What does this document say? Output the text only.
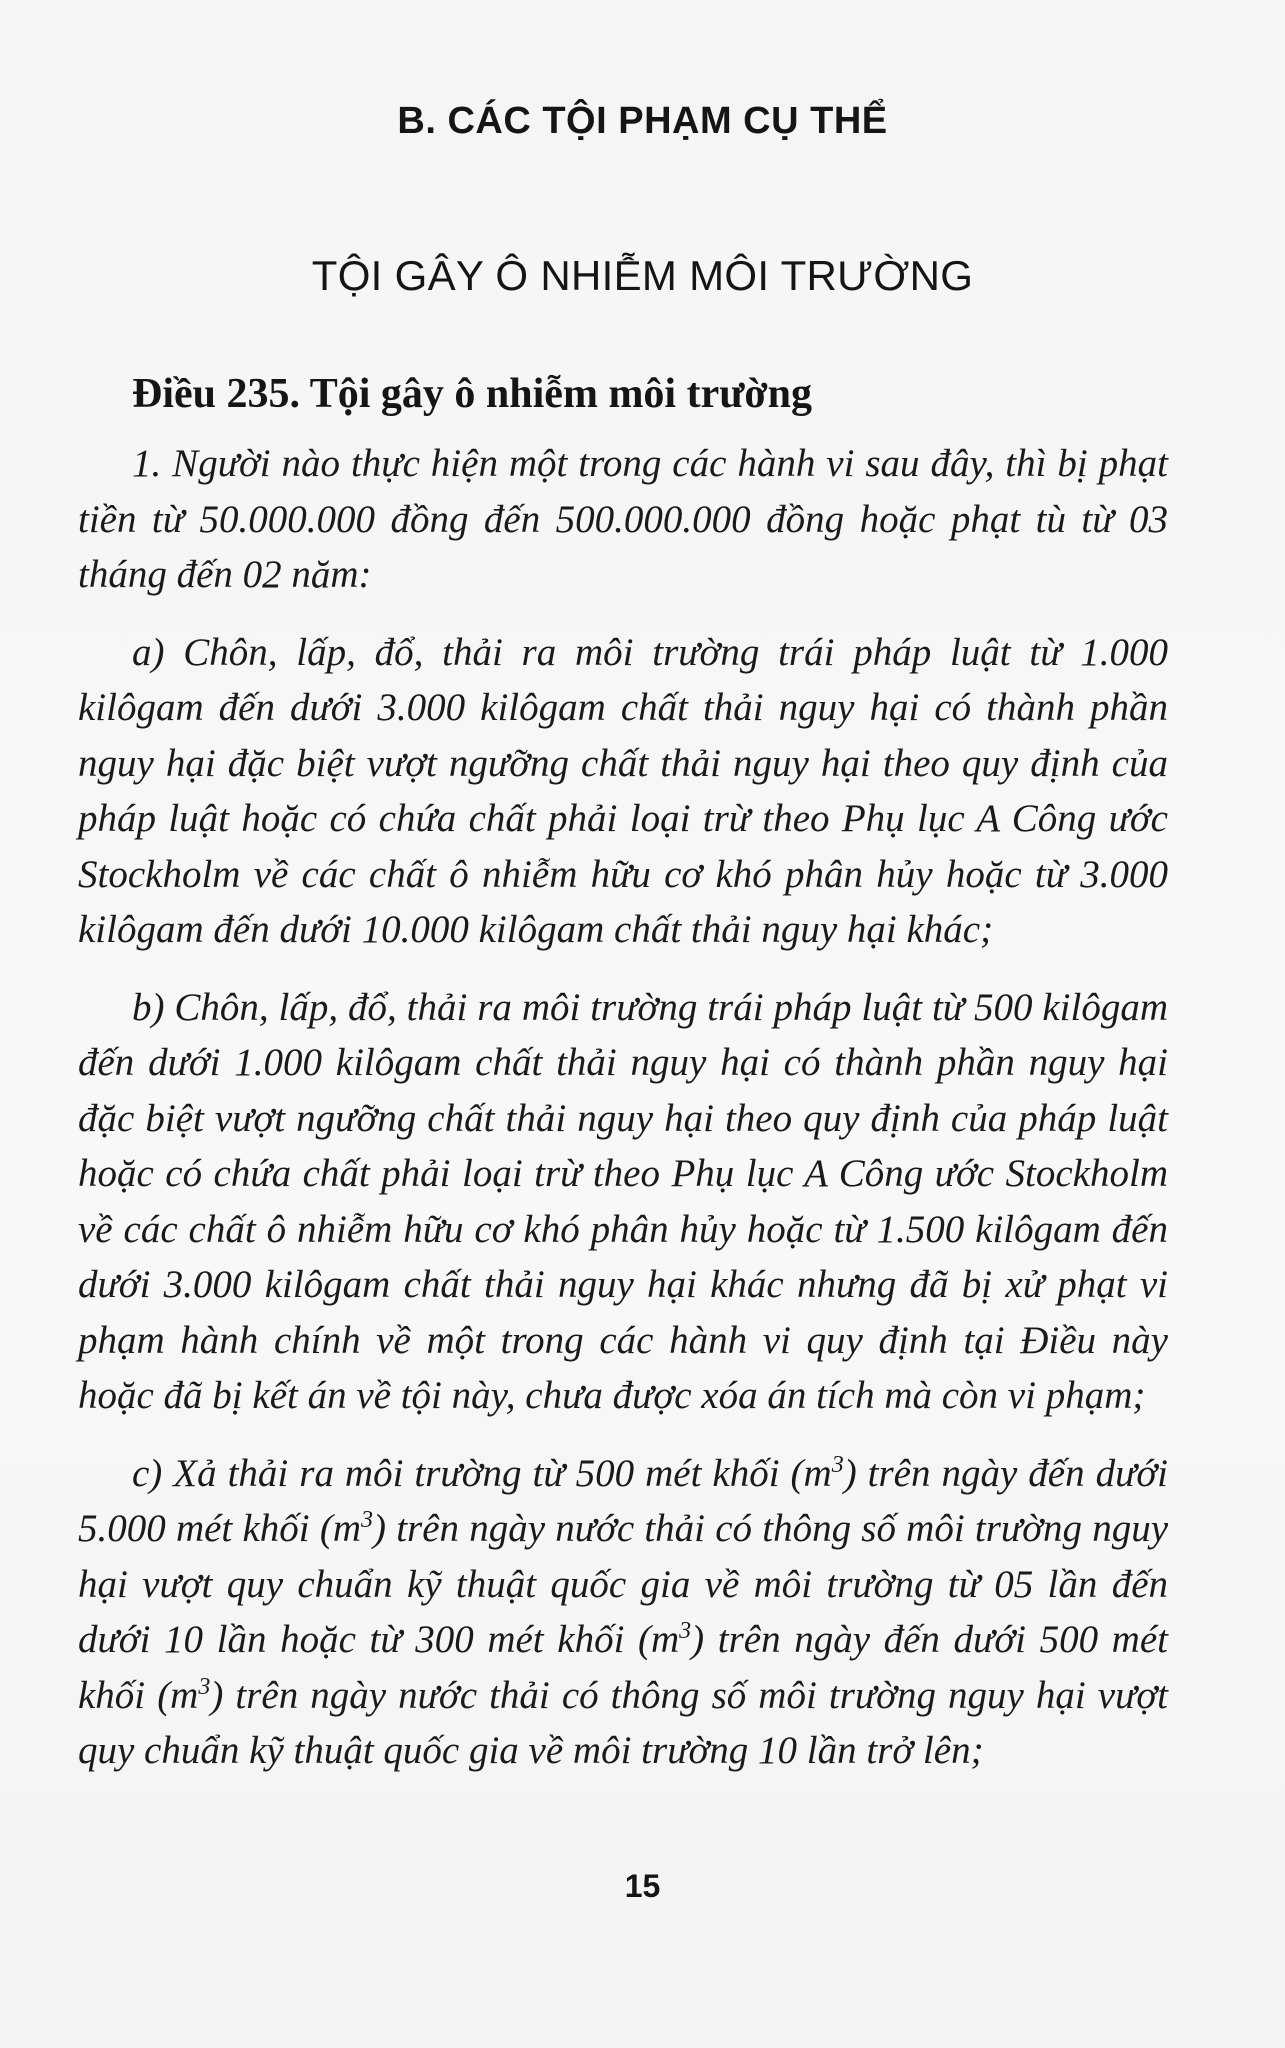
B. CÁC TỘI PHẠM CỤ THỂ
TỘI GÂY Ô NHIỄM MÔI TRƯỜNG
Điều 235. Tội gây ô nhiễm môi trường

1. Người nào thực hiện một trong các hành vi sau đây, thì bị phạt tiền từ 50.000.000 đồng đến 500.000.000 đồng hoặc phạt tù từ 03 tháng đến 02 năm:

a) Chôn, lấp, đổ, thải ra môi trường trái pháp luật từ 1.000 kilôgam đến dưới 3.000 kilôgam chất thải nguy hại có thành phần nguy hại đặc biệt vượt ngưỡng chất thải nguy hại theo quy định của pháp luật hoặc có chứa chất phải loại trừ theo Phụ lục A Công ước Stockholm về các chất ô nhiễm hữu cơ khó phân hủy hoặc từ 3.000 kilôgam đến dưới 10.000 kilôgam chất thải nguy hại khác;

b) Chôn, lấp, đổ, thải ra môi trường trái pháp luật từ 500 kilôgam đến dưới 1.000 kilôgam chất thải nguy hại có thành phần nguy hại đặc biệt vượt ngưỡng chất thải nguy hại theo quy định của pháp luật hoặc có chứa chất phải loại trừ theo Phụ lục A Công ước Stockholm về các chất ô nhiễm hữu cơ khó phân hủy hoặc từ 1.500 kilôgam đến dưới 3.000 kilôgam chất thải nguy hại khác nhưng đã bị xử phạt vi phạm hành chính về một trong các hành vi quy định tại Điều này hoặc đã bị kết án về tội này, chưa được xóa án tích mà còn vi phạm;

c) Xả thải ra môi trường từ 500 mét khối $(m^3)$ trên ngày đến dưới 5.000 mét khối $(m^3)$ trên ngày nước thải có thông số môi trường nguy hại vượt quy chuẩn kỹ thuật quốc gia về môi trường từ 05 lần đến dưới 10 lần hoặc từ 300 mét khối $(m^3)$ trên ngày đến dưới 500 mét khối $(m^3)$ trên ngày nước thải có thông số môi trường nguy hại vượt quy chuẩn kỹ thuật quốc gia về môi trường 10 lần trở lên;

15
